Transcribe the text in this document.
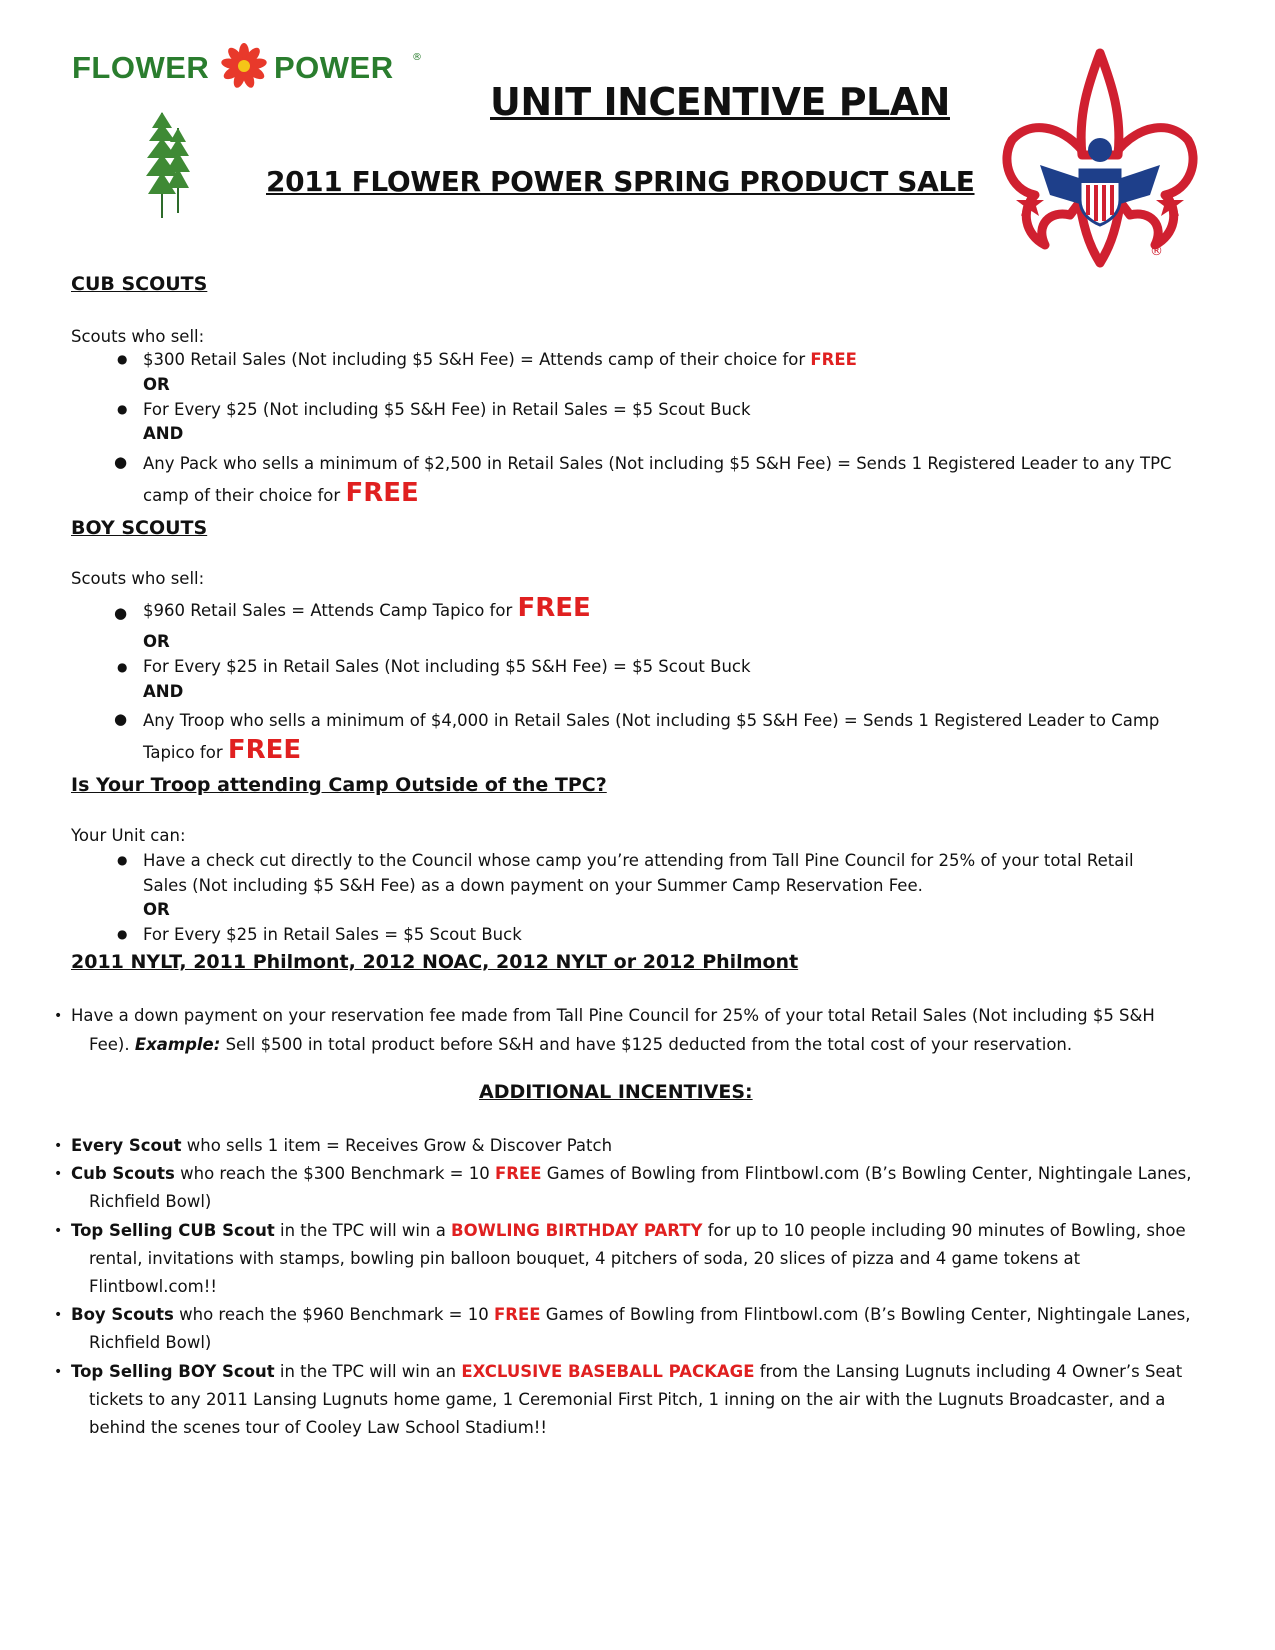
FLOWER POWER ®
®
UNIT INCENTIVE PLAN
2011 FLOWER POWER SPRING PRODUCT SALE
CUB SCOUTS
Scouts who sell:
● $300 Retail Sales (Not including $5 S&H Fee) = Attends camp of their choice for FREE
OR
● For Every $25 (Not including $5 S&H Fee) in Retail Sales = $5 Scout Buck
AND
● Any Pack who sells a minimum of $2,500 in Retail Sales (Not including $5 S&H Fee) = Sends 1 Registered Leader to any TPC
camp of their choice for FREE
BOY SCOUTS
Scouts who sell:
● $960 Retail Sales = Attends Camp Tapico for FREE
OR
● For Every $25 in Retail Sales (Not including $5 S&H Fee) = $5 Scout Buck
AND
● Any Troop who sells a minimum of $4,000 in Retail Sales (Not including $5 S&H Fee) = Sends 1 Registered Leader to Camp
Tapico for FREE
Is Your Troop attending Camp Outside of the TPC?
Your Unit can:
● Have a check cut directly to the Council whose camp you’re attending from Tall Pine Council for 25% of your total Retail
Sales (Not including $5 S&H Fee) as a down payment on your Summer Camp Reservation Fee.
OR
● For Every $25 in Retail Sales = $5 Scout Buck
2011 NYLT, 2011 Philmont, 2012 NOAC, 2012 NYLT or 2012 Philmont
• Have a down payment on your reservation fee made from Tall Pine Council for 25% of your total Retail Sales (Not including $5 S&H
Fee). Example: Sell $500 in total product before S&H and have $125 deducted from the total cost of your reservation.
ADDITIONAL INCENTIVES:
• Every Scout who sells 1 item = Receives Grow & Discover Patch
• Cub Scouts who reach the $300 Benchmark = 10 FREE Games of Bowling from Flintbowl.com (B’s Bowling Center, Nightingale Lanes,
Richfield Bowl)
• Top Selling CUB Scout in the TPC will win a BOWLING BIRTHDAY PARTY for up to 10 people including 90 minutes of Bowling, shoe
rental, invitations with stamps, bowling pin balloon bouquet, 4 pitchers of soda, 20 slices of pizza and 4 game tokens at
Flintbowl.com!!
• Boy Scouts who reach the $960 Benchmark = 10 FREE Games of Bowling from Flintbowl.com (B’s Bowling Center, Nightingale Lanes,
Richfield Bowl)
• Top Selling BOY Scout in the TPC will win an EXCLUSIVE BASEBALL PACKAGE from the Lansing Lugnuts including 4 Owner’s Seat
tickets to any 2011 Lansing Lugnuts home game, 1 Ceremonial First Pitch, 1 inning on the air with the Lugnuts Broadcaster, and a
behind the scenes tour of Cooley Law School Stadium!!
